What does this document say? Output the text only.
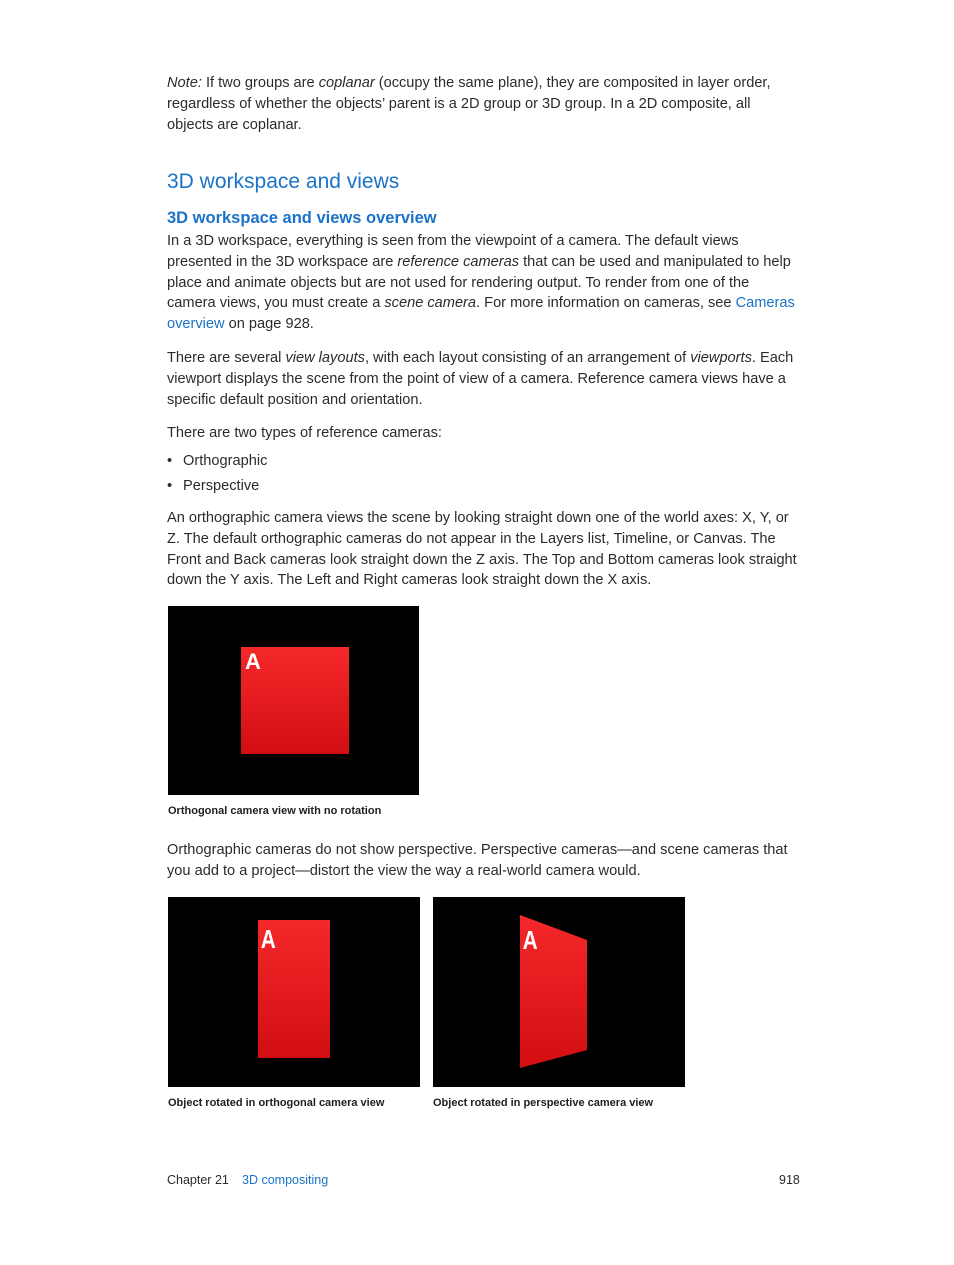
Note: If two groups are coplanar (occupy the same plane), they are composited in layer order, regardless of whether the objects’ parent is a 2D group or 3D group. In a 2D composite, all objects are coplanar.
3D workspace and views
3D workspace and views overview
In a 3D workspace, everything is seen from the viewpoint of a camera. The default views presented in the 3D workspace are reference cameras that can be used and manipulated to help place and animate objects but are not used for rendering output. To render from one of the camera views, you must create a scene camera. For more information on cameras, see Cameras overview on page 928.
There are several view layouts, with each layout consisting of an arrangement of viewports. Each viewport displays the scene from the point of view of a camera. Reference camera views have a specific default position and orientation.
There are two types of reference cameras:
• Orthographic
• Perspective
An orthographic camera views the scene by looking straight down one of the world axes: X, Y, or Z. The default orthographic cameras do not appear in the Layers list, Timeline, or Canvas. The Front and Back cameras look straight down the Z axis. The Top and Bottom cameras look straight down the Y axis. The Left and Right cameras look straight down the X axis.
A
Orthogonal camera view with no rotation
Orthographic cameras do not show perspective. Perspective cameras—and scene cameras that you add to a project—distort the view the way a real-world camera would.
A
Object rotated in orthogonal camera view
A
Object rotated in perspective camera view
Chapter 21 3D compositing	918
